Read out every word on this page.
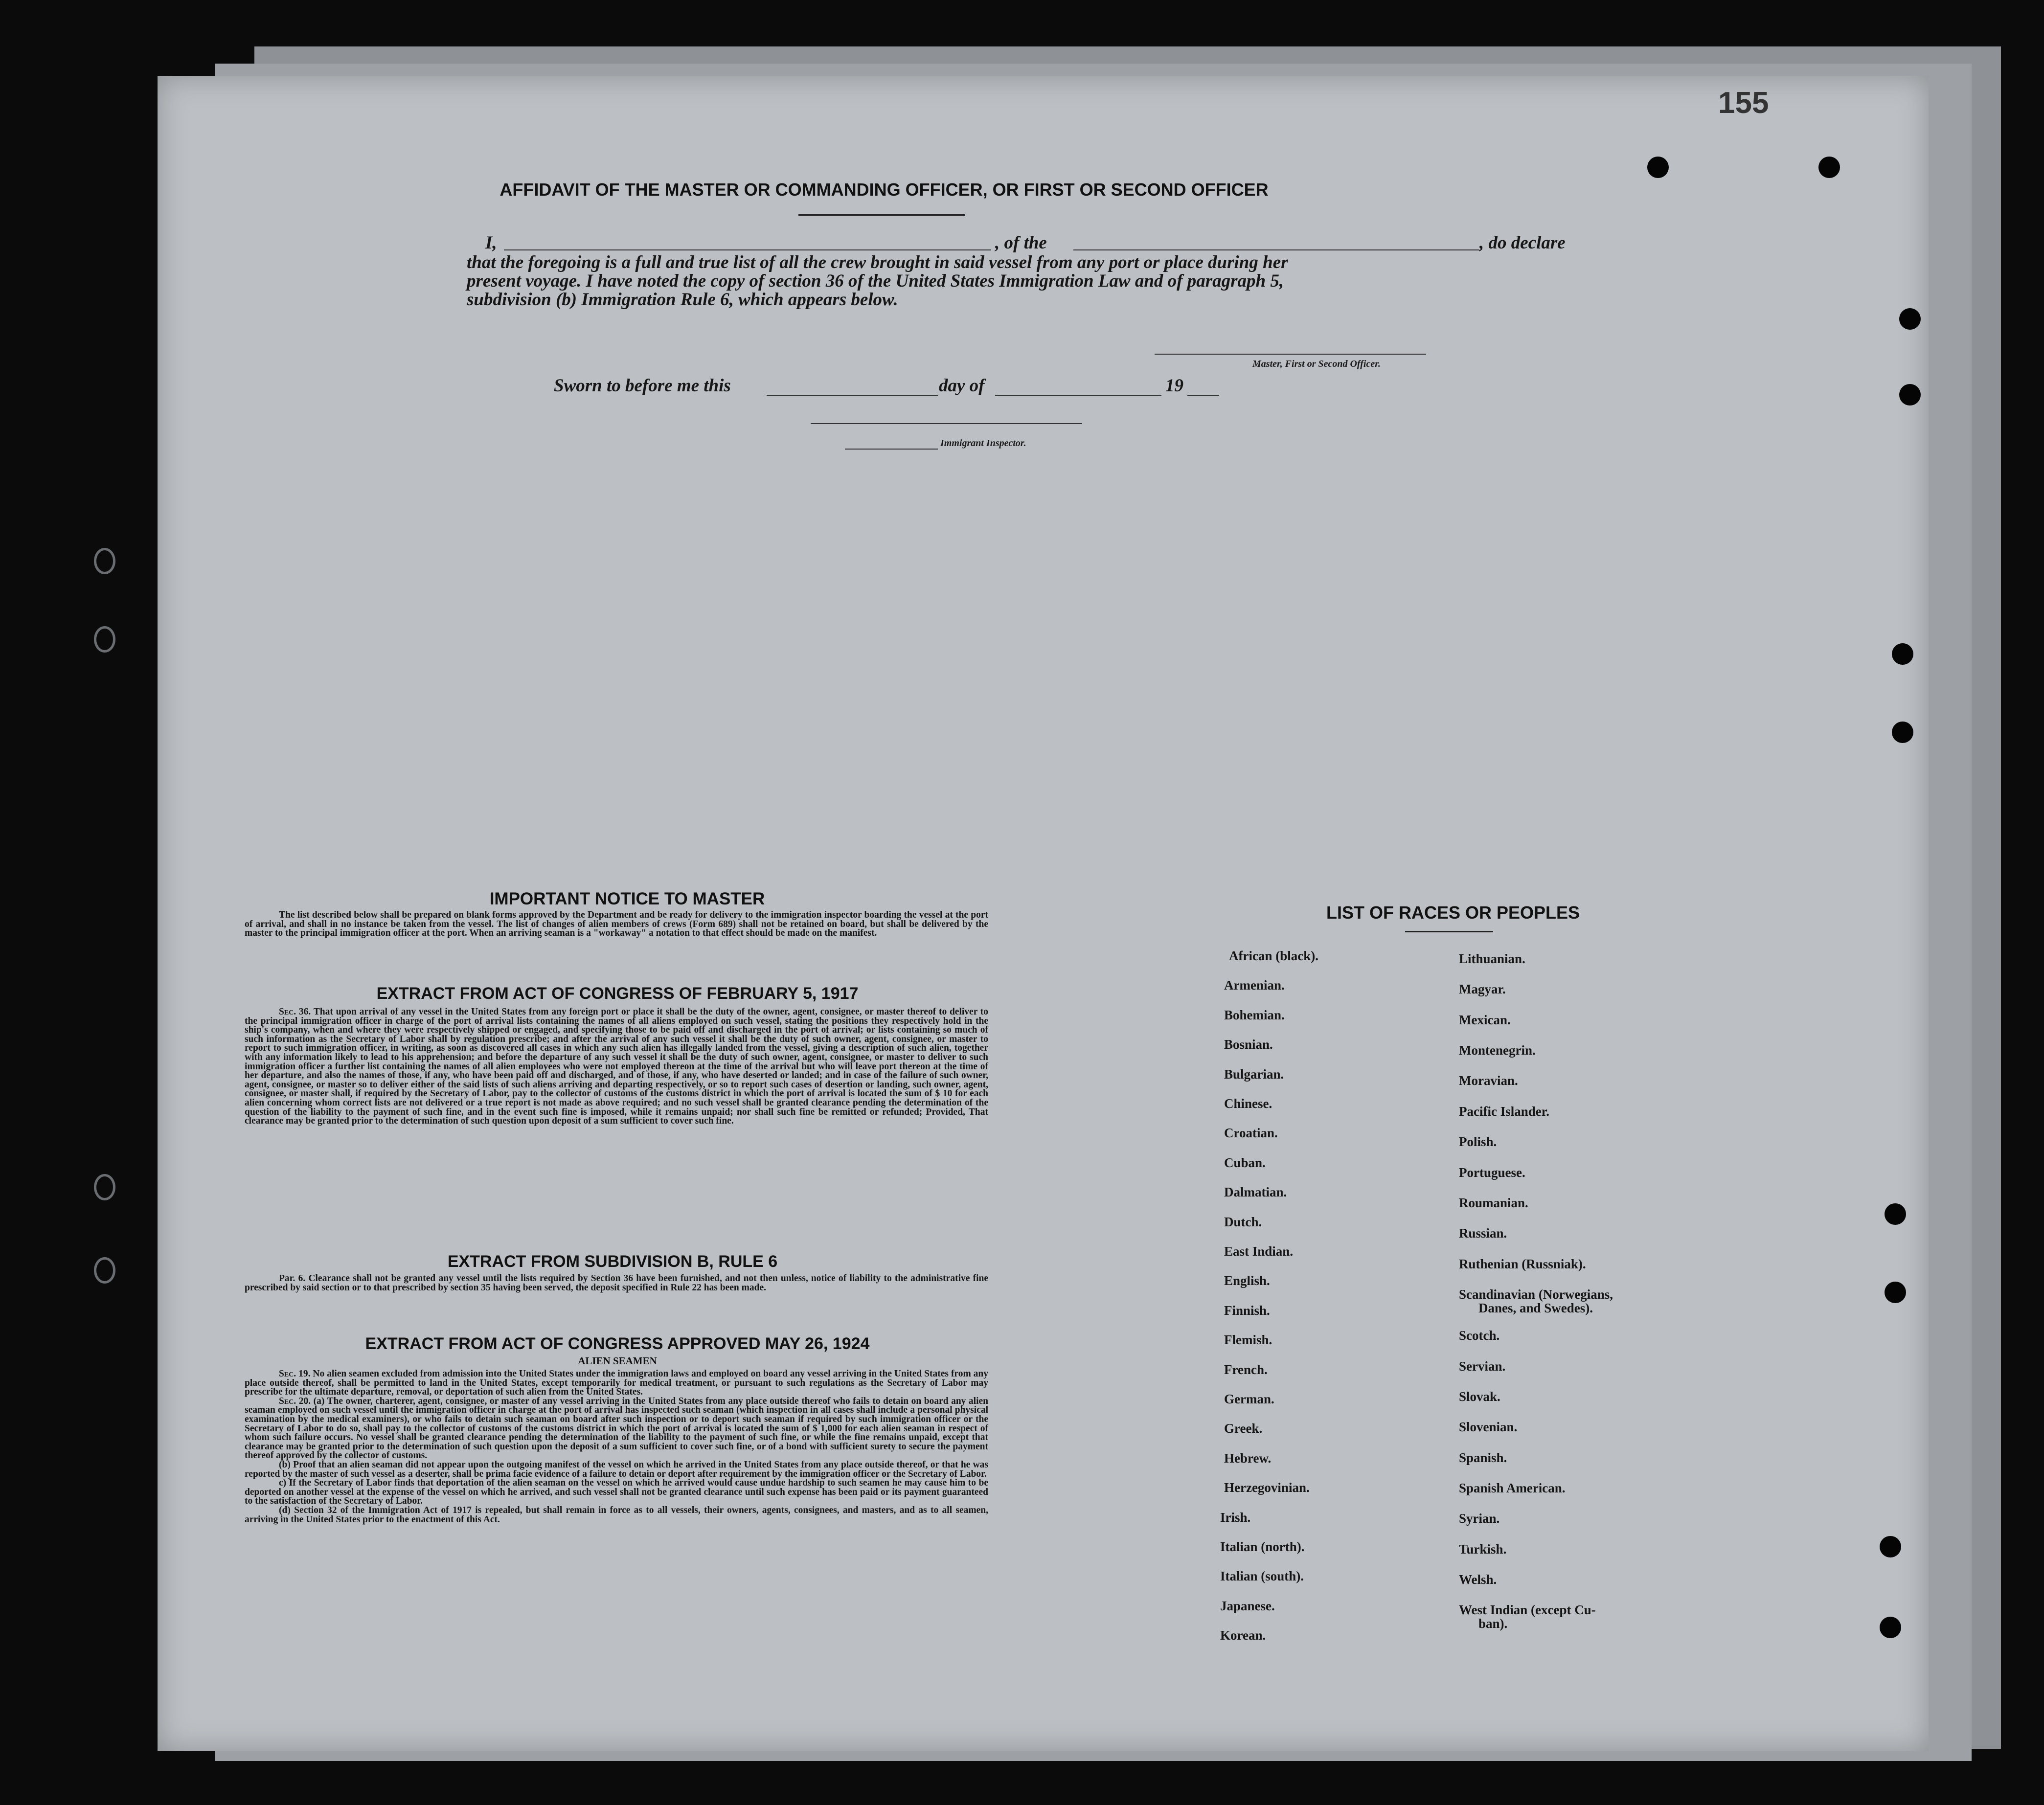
155
AFFIDAVIT OF THE MASTER OR COMMANDING OFFICER, OR FIRST OR SECOND OFFICER
I,	, of the	, do declare
that the foregoing is a full and true list of all the crew brought in said vessel from any port or place during her
present voyage. I have noted the copy of section 36 of the United States Immigration Law and of paragraph 5,
subdivision (b) Immigration Rule 6, which appears below.
Master, First or Second Officer.
Sworn to before me this	day of	19
Immigrant Inspector.
IMPORTANT NOTICE TO MASTER
The list described below shall be prepared on blank forms approved by the Department and be ready for delivery to the immigration inspector boarding the vessel at the port of arrival, and shall in no instance be taken from the vessel. The list of changes of alien members of crews (Form 689) shall not be retained on board, but shall be delivered by the master to the principal immigration officer at the port. When an arriving seaman is a "workaway" a notation to that effect should be made on the manifest.
EXTRACT FROM ACT OF CONGRESS OF FEBRUARY 5, 1917
Sec. 36. That upon arrival of any vessel in the United States from any foreign port or place it shall be the duty of the owner, agent, consignee, or master thereof to deliver to the principal immigration officer in charge of the port of arrival lists containing the names of all aliens employed on such vessel, stating the positions they respectively hold in the ship's company, when and where they were respectively shipped or engaged, and specifying those to be paid off and discharged in the port of arrival; or lists containing so much of such information as the Secretary of Labor shall by regulation prescribe; and after the arrival of any such vessel it shall be the duty of such owner, agent, consignee, or master to report to such immigration officer, in writing, as soon as discovered all cases in which any such alien has illegally landed from the vessel, giving a description of such alien, together with any information likely to lead to his apprehension; and before the departure of any such vessel it shall be the duty of such owner, agent, consignee, or master to deliver to such immigration officer a further list containing the names of all alien employees who were not employed thereon at the time of the arrival but who will leave port thereon at the time of her departure, and also the names of those, if any, who have been paid off and discharged, and of those, if any, who have deserted or landed; and in case of the failure of such owner, agent, consignee, or master so to deliver either of the said lists of such aliens arriving and departing respectively, or so to report such cases of desertion or landing, such owner, agent, consignee, or master shall, if required by the Secretary of Labor, pay to the collector of customs of the customs district in which the port of arrival is located the sum of $ 10 for each alien concerning whom correct lists are not delivered or a true report is not made as above required; and no such vessel shall be granted clearance pending the determination of the question of the liability to the payment of such fine, and in the event such fine is imposed, while it remains unpaid; nor shall such fine be remitted or refunded; Provided, That clearance may be granted prior to the determination of such question upon deposit of a sum sufficient to cover such fine.
EXTRACT FROM SUBDIVISION B, RULE 6
Par. 6. Clearance shall not be granted any vessel until the lists required by Section 36 have been furnished, and not then unless, notice of liability to the administrative fine prescribed by said section or to that prescribed by section 35 having been served, the deposit specified in Rule 22 has been made.
EXTRACT FROM ACT OF CONGRESS APPROVED MAY 26, 1924
ALIEN SEAMEN

Sec. 19. No alien seamen excluded from admission into the United States under the immigration laws and employed on board any vessel arriving in the United States from any place outside thereof, shall be permitted to land in the United States, except temporarily for medical treatment, or pursuant to such regulations as the Secretary of Labor may prescribe for the ultimate departure, removal, or deportation of such alien from the United States.

Sec. 20. (a) The owner, charterer, agent, consignee, or master of any vessel arriving in the United States from any place outside thereof who fails to detain on board any alien seaman employed on such vessel until the immigration officer in charge at the port of arrival has inspected such seaman (which inspection in all cases shall include a personal physical examination by the medical examiners), or who fails to detain such seaman on board after such inspection or to deport such seaman if required by such immigration officer or the Secretary of Labor to do so, shall pay to the collector of customs of the customs district in which the port of arrival is located the sum of $ 1,000 for each alien seaman in respect of whom such failure occurs. No vessel shall be granted clearance pending the determination of the liability to the payment of such fine, or while the fine remains unpaid, except that clearance may be granted prior to the determination of such question upon the deposit of a sum sufficient to cover such fine, or of a bond with sufficient surety to secure the payment thereof approved by the collector of customs.

(b) Proof that an alien seaman did not appear upon the outgoing manifest of the vessel on which he arrived in the United States from any place outside thereof, or that he was reported by the master of such vessel as a deserter, shall be prima facie evidence of a failure to detain or deport after requirement by the immigration officer or the Secretary of Labor.

c) If the Secretary of Labor finds that deportation of the alien seaman on the vessel on which he arrived would cause undue hardship to such seamen he may cause him to be deported on another vessel at the expense of the vessel on which he arrived, and such vessel shall not be granted clearance until such expense has been paid or its payment guaranteed to the satisfaction of the Secretary of Labor.

(d) Section 32 of the Immigration Act of 1917 is repealed, but shall remain in force as to all vessels, their owners, agents, consignees, and masters, and as to all seamen, arriving in the United States prior to the enactment of this Act.

LIST OF RACES OR PEOPLES
African (black).
Armenian.
Bohemian.
Bosnian.
Bulgarian.
Chinese.
Croatian.
Cuban.
Dalmatian.
Dutch.
East Indian.
English.
Finnish.
Flemish.
French.
German.
Greek.
Hebrew.
Herzegovinian.
Irish.
Italian (north).
Italian (south).
Japanese.
Korean.
Lithuanian.
Magyar.
Mexican.
Montenegrin.
Moravian.
Pacific Islander.
Polish.
Portuguese.
Roumanian.
Russian.
Ruthenian (Russniak).
Scandinavian (Norwegians,
Danes, and Swedes).
Scotch.
Servian.
Slovak.
Slovenian.
Spanish.
Spanish American.
Syrian.
Turkish.
Welsh.
West Indian (except Cu-
ban).
